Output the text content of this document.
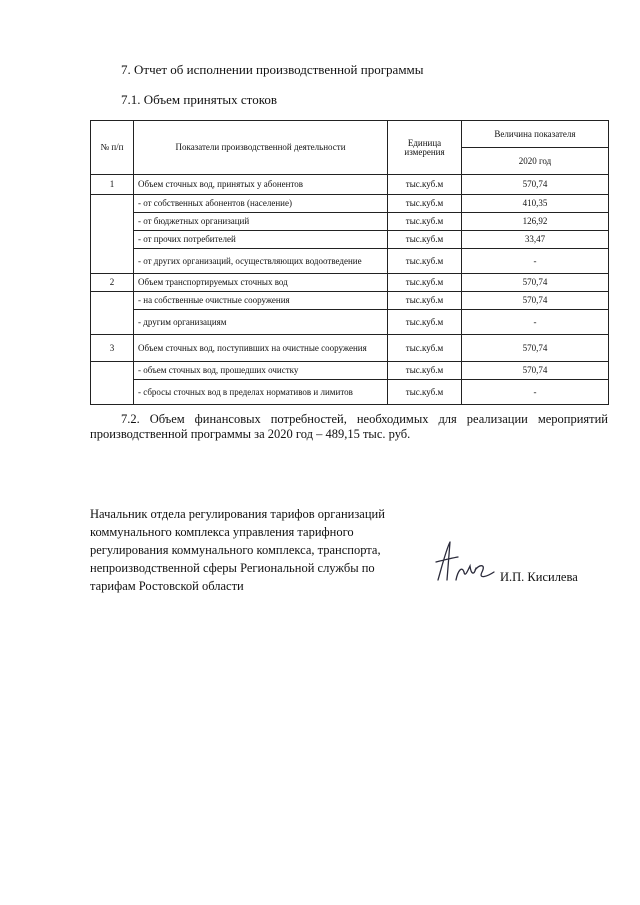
7. Отчет об исполнении производственной программы
7.1. Объем принятых стоков
№ п/п	Показатели производственной деятельности	Единица измерения	Величина показателя
			2020 год
1	Объем сточных вод, принятых у абонентов	тыс.куб.м	570,74
	- от собственных абонентов (население)	тыс.куб.м	410,35
	- от бюджетных организаций	тыс.куб.м	126,92
	- от прочих потребителей	тыс.куб.м	33,47
	- от других организаций, осуществляющих водоотведение	тыс.куб.м	-
2	Объем транспортируемых сточных вод	тыс.куб.м	570,74
	- на собственные очистные сооружения	тыс.куб.м	570,74
	- другим организациям	тыс.куб.м	-
3	Объем сточных вод, поступивших на очистные сооружения	тыс.куб.м	570,74
	- объем сточных вод, прошедших очистку	тыс.куб.м	570,74
	- сбросы сточных вод в пределах нормативов и лимитов	тыс.куб.м	-
7.2. Объем финансовых потребностей, необходимых для реализации мероприятий производственной программы за 2020 год – 489,15 тыс. руб.
Начальник отдела регулирования тарифов организаций
коммунального комплекса управления тарифного
регулирования коммунального комплекса, транспорта,
непроизводственной сферы Региональной службы по
тарифам Ростовской области
И.П. Кисилева
